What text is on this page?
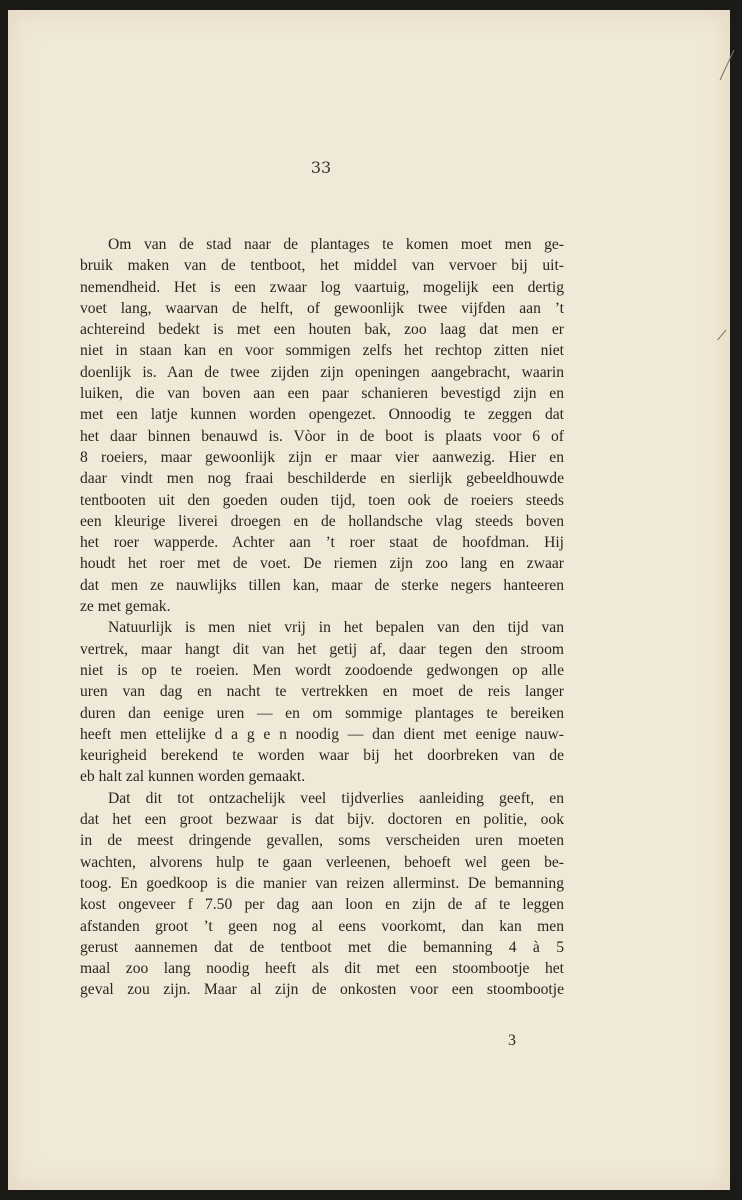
33
Om van de stad naar de plantages te komen moet men ge-
bruik maken van de tentboot, het middel van vervoer bij uit-
nemendheid. Het is een zwaar log vaartuig, mogelijk een dertig
voet lang, waarvan de helft, of gewoonlijk twee vijfden aan ’t
achtereind bedekt is met een houten bak, zoo laag dat men er
niet in staan kan en voor sommigen zelfs het rechtop zitten niet
doenlijk is. Aan de twee zijden zijn openingen aangebracht, waarin
luiken, die van boven aan een paar schanieren bevestigd zijn en
met een latje kunnen worden opengezet. Onnoodig te zeggen dat
het daar binnen benauwd is. Vòor in de boot is plaats voor 6 of
8 roeiers, maar gewoonlijk zijn er maar vier aanwezig. Hier en
daar vindt men nog fraai beschilderde en sierlijk gebeeldhouwde
tentbooten uit den goeden ouden tijd, toen ook de roeiers steeds
een kleurige liverei droegen en de hollandsche vlag steeds boven
het roer wapperde. Achter aan ’t roer staat de hoofdman. Hij
houdt het roer met de voet. De riemen zijn zoo lang en zwaar
dat men ze nauwlijks tillen kan, maar de sterke negers hanteeren
ze met gemak.
Natuurlijk is men niet vrij in het bepalen van den tijd van
vertrek, maar hangt dit van het getij af, daar tegen den stroom
niet is op te roeien. Men wordt zoodoende gedwongen op alle
uren van dag en nacht te vertrekken en moet de reis langer
duren dan eenige uren — en om sommige plantages te bereiken
heeft men ettelijke d a g e n noodig — dan dient met eenige nauw-
keurigheid berekend te worden waar bij het doorbreken van de
eb halt zal kunnen worden gemaakt.
Dat dit tot ontzachelijk veel tijdverlies aanleiding geeft, en
dat het een groot bezwaar is dat bijv. doctoren en politie, ook
in de meest dringende gevallen, soms verscheiden uren moeten
wachten, alvorens hulp te gaan verleenen, behoeft wel geen be-
toog. En goedkoop is die manier van reizen allerminst. De bemanning
kost ongeveer f 7.50 per dag aan loon en zijn de af te leggen
afstanden groot ’t geen nog al eens voorkomt, dan kan men
gerust aannemen dat de tentboot met die bemanning 4 à 5
maal zoo lang noodig heeft als dit met een stoombootje het
geval zou zijn. Maar al zijn de onkosten voor een stoombootje
3
